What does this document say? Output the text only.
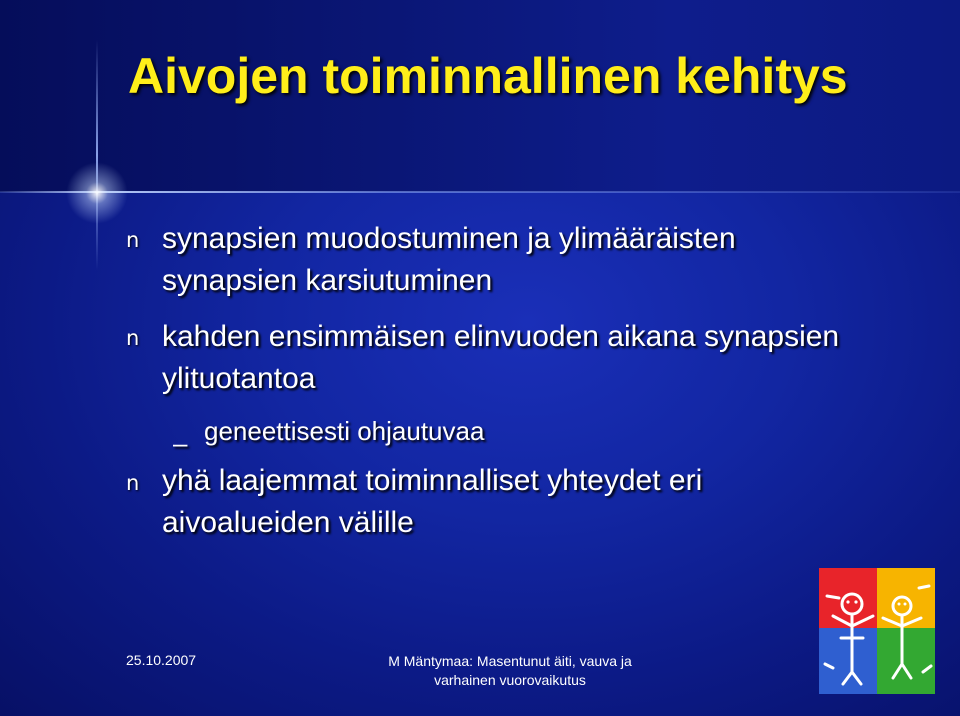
Aivojen toiminnallinen kehitys
n synapsien muodostuminen ja ylimääräisten synapsien karsiutuminen

n kahden ensimmäisen elinvuoden aikana synapsien ylituotantoa

– geneettisesti ohjautuvaa

n yhä laajemmat toiminnalliset yhteydet eri aivoalueiden välille

25.10.2007	M Mäntymaa: Masentunut äiti, vauva ja varhainen vuorovaikutus
